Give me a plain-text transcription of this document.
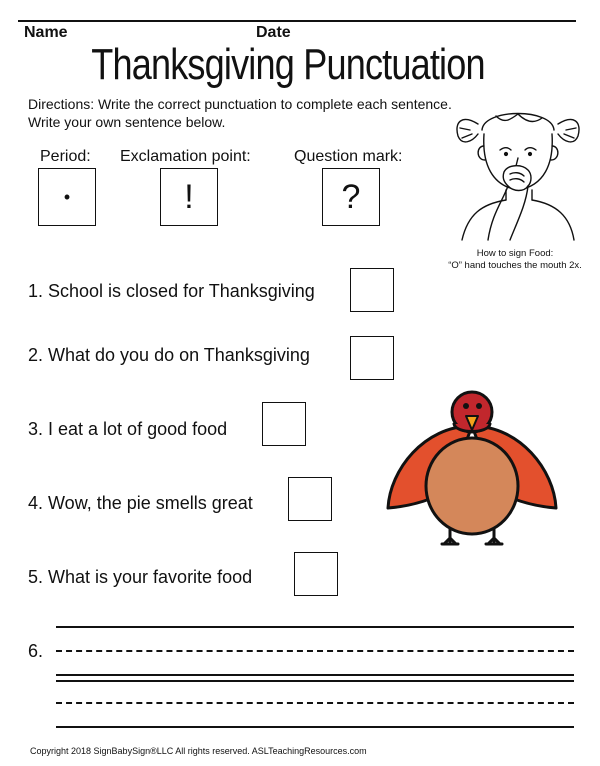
Name	Date
Thanksgiving Punctuation
Directions: Write the correct punctuation to complete each sentence.
Write your own sentence below.
Period: Exclamation point:	Question mark:
•	!	?
How to sign Food:
“O” hand touches the mouth 2x.
1. School is closed for Thanksgiving
2. What do you do on Thanksgiving
3. I eat a lot of good food
4. Wow, the pie smells great
5. What is your favorite food
6.
Copyright 2018 SignBabySign®LLC All rights reserved. ASLTeachingResources.com
